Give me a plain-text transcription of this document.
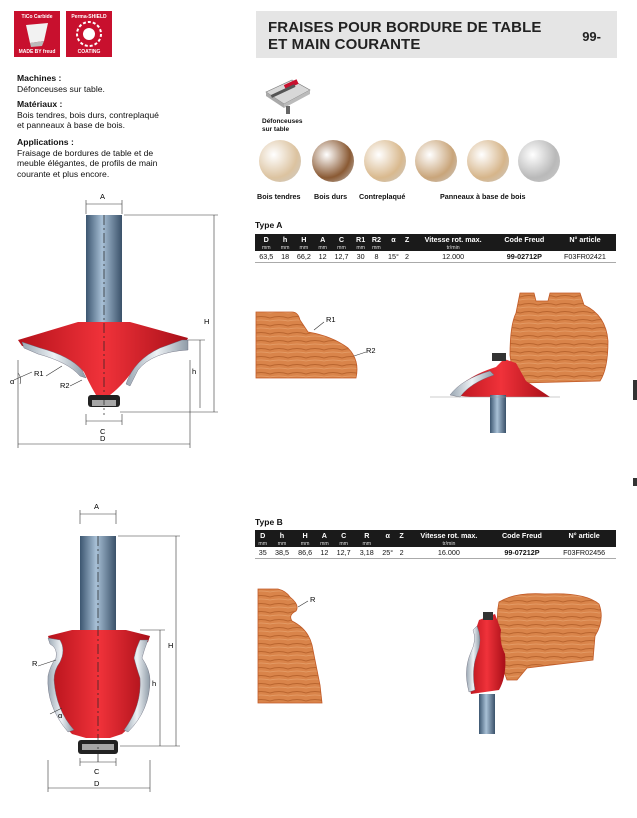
TiCo Carbide
MADE BY freud
Perma-SHIELD
COATING
FRAISES POUR BORDURE DE TABLE
ET MAIN COURANTE	99-
Machines :
Défonceuses sur table.
Matériaux :
Bois tendres, bois durs, contreplaqué
et panneaux à base de bois.
Applications :
Fraisage de bordures de table et de
meuble élégantes, de profils de main
courante et plus encore.
Défonceuses
sur table
Bois tendres Bois durs Contreplaqué	Panneaux à base de bois
A
H
h
C
D
R1
R2
α
Type A
D	h	H	A	C	R1	R2	α	Z	Vitesse rot. max.	Code Freud	N° article
mm	mm	mm	mm	mm	mm	mm			tr/min		
63,5	18	66,2	12	12,7	30	8	15°	2	12.000	99-02712P	F03FR02421
R1
R2
A
H
h
C
D
R
α
Type B
D	h	H	A	C	R	α	Z	Vitesse rot. max.	Code Freud	N° article
mm	mm	mm	mm	mm	mm			tr/min		
35	38,5	86,6	12	12,7	3,18	25°	2	16.000	99-07212P	F03FR02456
R
